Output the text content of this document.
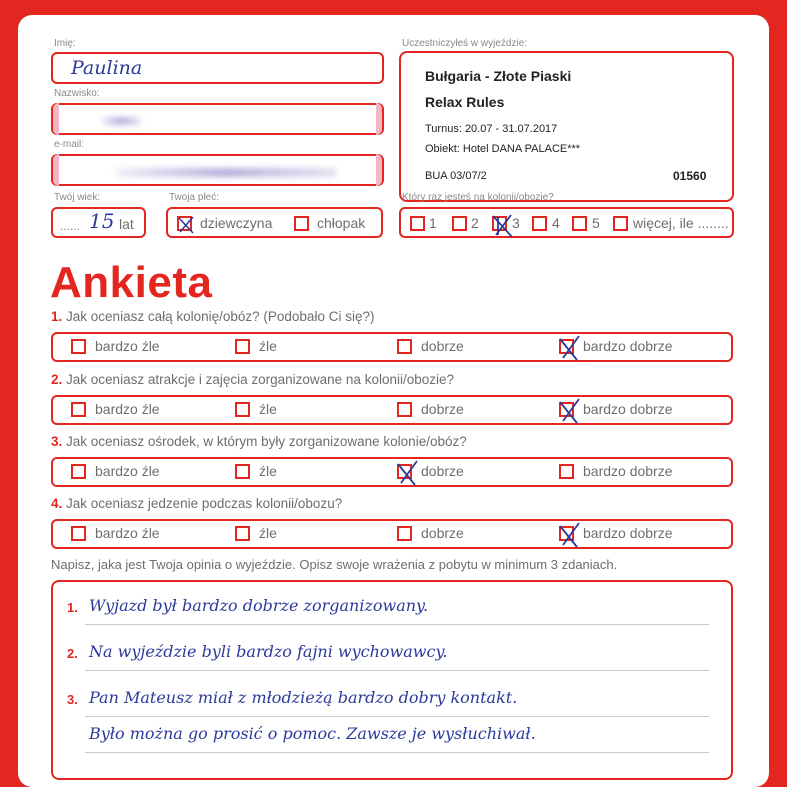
Imię:
Paulina
Nazwisko:
e-mail:
Twój wiek:
...... 15 lat
Twoja płeć:
dziewczyna	chłopak
Uczestniczyłeś w wyjeździe:
Bułgaria - Złote Piaski
Relax Rules
Turnus: 20.07 - 31.07.2017
Obiekt: Hotel DANA PALACE***
BUA 03/07/2	01560
Który raz jesteś na kolonii/obozie?
1 2 3 4 5 więcej, ile ........
Ankieta
1. Jak oceniasz całą kolonię/obóz? (Podobało Ci się?)
bardzo źle	źle	dobrze	bardzo dobrze
2. Jak oceniasz atrakcje i zajęcia zorganizowane na kolonii/obozie?
bardzo źle	źle	dobrze	bardzo dobrze
3. Jak oceniasz ośrodek, w którym były zorganizowane kolonie/obóz?
bardzo źle	źle	dobrze	bardzo dobrze
4. Jak oceniasz jedzenie podczas kolonii/obozu?
bardzo źle	źle	dobrze	bardzo dobrze
Napisz, jaka jest Twoja opinia o wyjeździe. Opisz swoje wrażenia z pobytu w minimum 3 zdaniach.
1. Wyjazd był bardzo dobrze zorganizowany.
2. Na wyjeździe byli bardzo fajni wychowawcy.
3. Pan Mateusz miał z młodzieżą bardzo dobry kontakt.
Było można go prosić o pomoc. Zawsze je wysłuchiwał.
